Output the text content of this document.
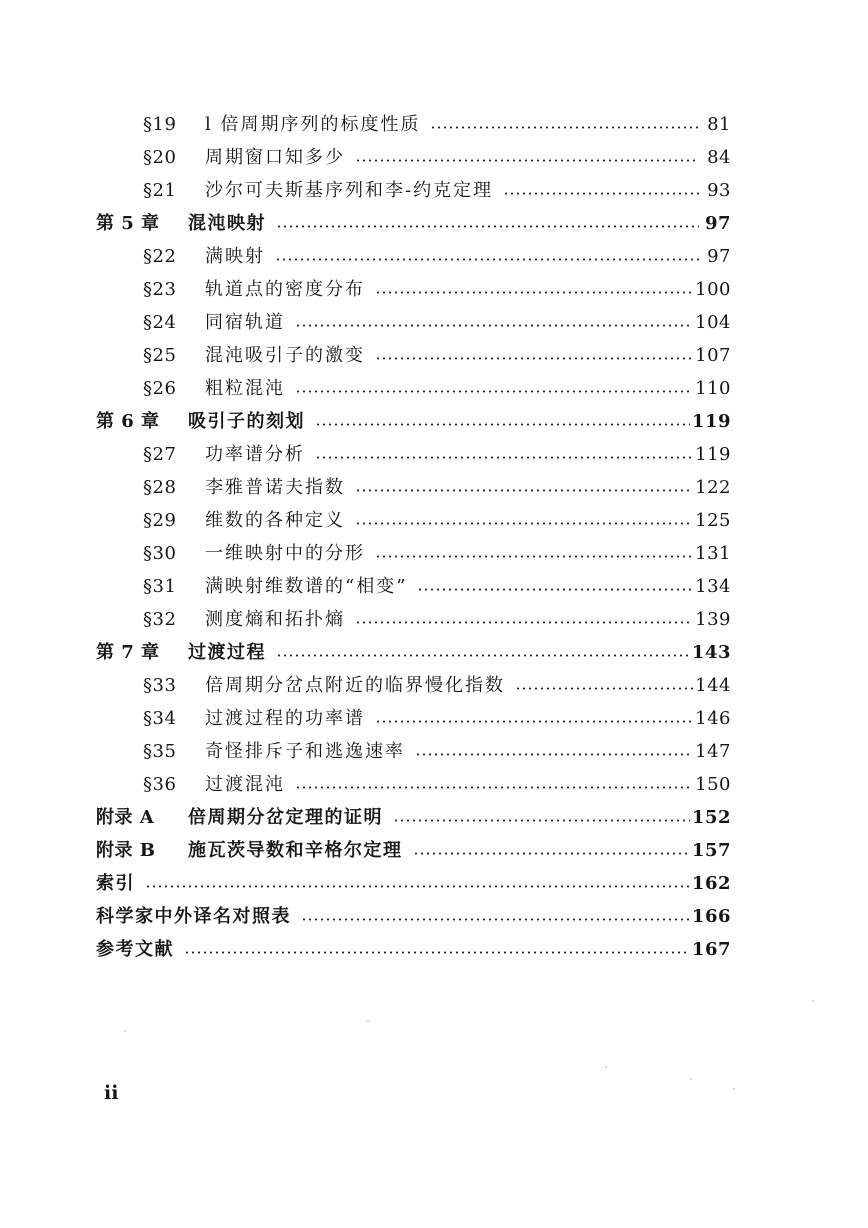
§19	l 倍周期序列的标度性质	81
§20	周期窗口知多少	84
§21	沙尔可夫斯基序列和李-约克定理	93
第 5 章	混沌映射	97
§22	满映射	97
§23	轨道点的密度分布	100
§24	同宿轨道	104
§25	混沌吸引子的激变	107
§26	粗粒混沌	110
第 6 章	吸引子的刻划	119
§27	功率谱分析	119
§28	李雅普诺夫指数	122
§29	维数的各种定义	125
§30	一维映射中的分形	131
§31	满映射维数谱的“相变”	134
§32	测度熵和拓扑熵	139
第 7 章	过渡过程	143
§33	倍周期分岔点附近的临界慢化指数	144
§34	过渡过程的功率谱	146
§35	奇怪排斥子和逃逸速率	147
§36	过渡混沌	150
附录 A	倍周期分岔定理的证明	152
附录 B	施瓦茨导数和辛格尔定理	157
索引	162
科学家中外译名对照表	166
参考文献	167
ii
